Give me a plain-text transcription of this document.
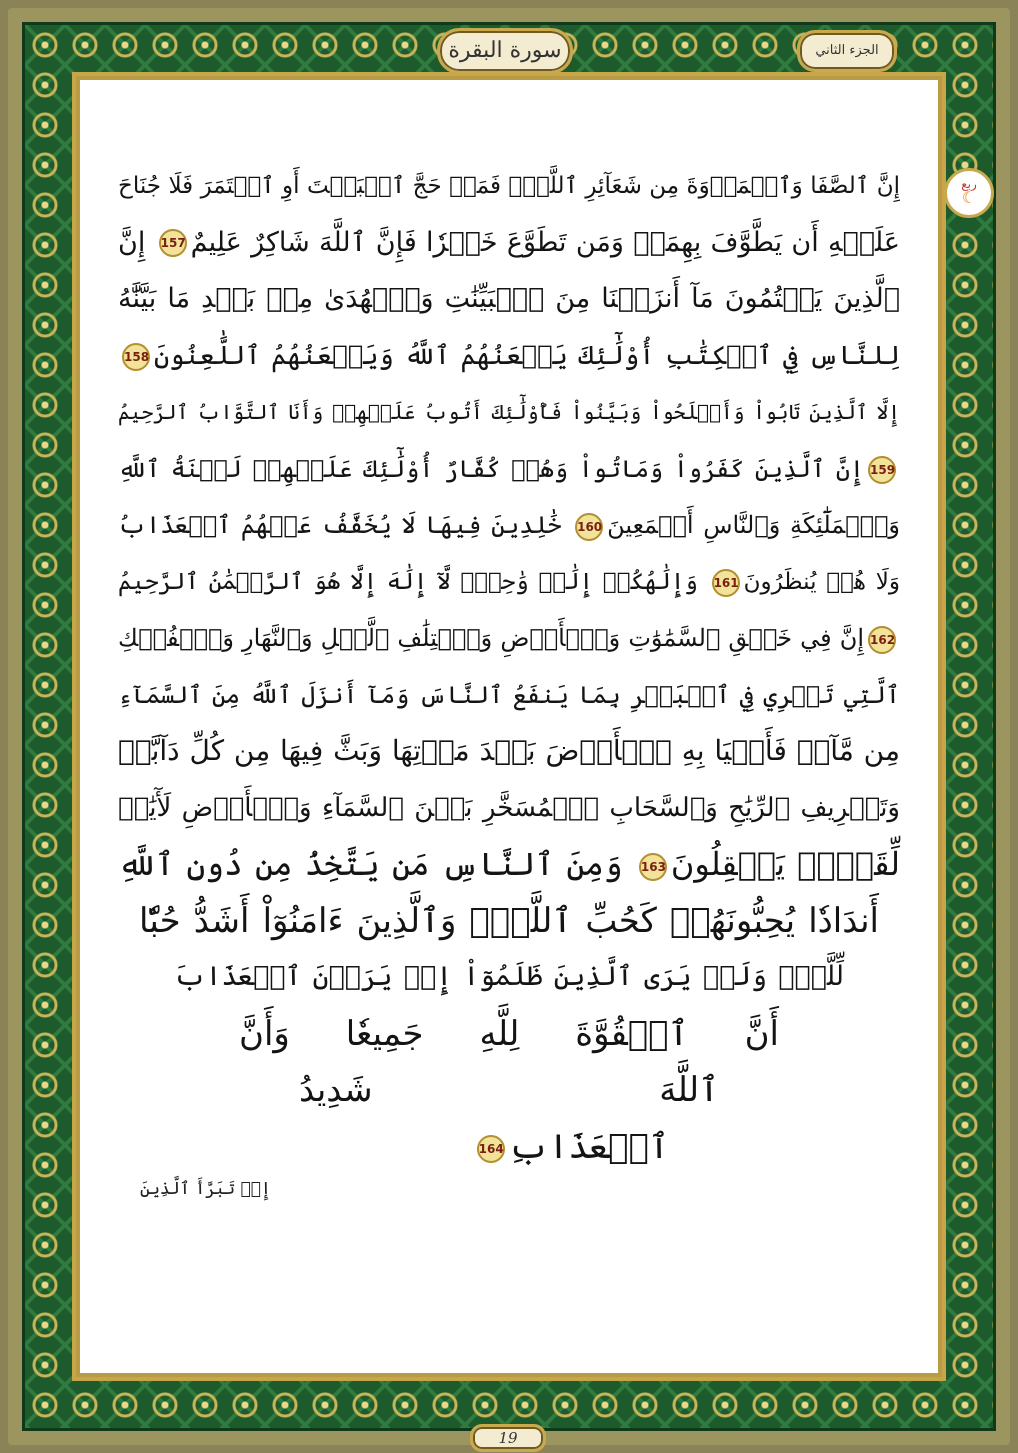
سورة البقرة	الجزء الثاني
ربع
☾
إِنَّ ٱلصَّفَا وَٱلۡمَرۡوَةَ مِن شَعَآئِرِ ٱللَّهِۖ فَمَنۡ حَجَّ ٱلۡبَيۡتَ أَوِ ٱعۡتَمَرَ فَلَا جُنَاحَ
عَلَيۡهِ أَن يَطَّوَّفَ بِهِمَاۚ وَمَن تَطَوَّعَ خَيۡرٗا فَإِنَّ ٱللَّهَ شَاكِرٌ عَلِيمٌ157 إِنَّ
ٱلَّذِينَ يَكۡتُمُونَ مَآ أَنزَلۡنَا مِنَ ٱلۡبَيِّنَٰتِ وَٱلۡهُدَىٰ مِنۢ بَعۡدِ مَا بَيَّنَّٰهُ
لِلنَّاسِ فِي ٱلۡكِتَٰبِ أُوْلَٰٓئِكَ يَلۡعَنُهُمُ ٱللَّهُ وَيَلۡعَنُهُمُ ٱللَّٰعِنُونَ158
إِلَّا ٱلَّذِينَ تَابُواْ وَأَصۡلَحُواْ وَبَيَّنُواْ فَأُوْلَٰٓئِكَ أَتُوبُ عَلَيۡهِمۡ وَأَنَا ٱلتَّوَّابُ ٱلرَّحِيمُ
159إِنَّ ٱلَّذِينَ كَفَرُواْ وَمَاتُواْ وَهُمۡ كُفَّارٌ أُوْلَٰٓئِكَ عَلَيۡهِمۡ لَعۡنَةُ ٱللَّهِ
وَٱلۡمَلَٰٓئِكَةِ وَٱلنَّاسِ أَجۡمَعِينَ160 خَٰلِدِينَ فِيهَا لَا يُخَفَّفُ عَنۡهُمُ ٱلۡعَذَابُ
وَلَا هُمۡ يُنظَرُونَ161 وَإِلَٰهُكُمۡ إِلَٰهٞ وَٰحِدٞۖ لَّآ إِلَٰهَ إِلَّا هُوَ ٱلرَّحۡمَٰنُ ٱلرَّحِيمُ
162إِنَّ فِي خَلۡقِ ٱلسَّمَٰوَٰتِ وَٱلۡأَرۡضِ وَٱخۡتِلَٰفِ ٱلَّيۡلِ وَٱلنَّهَارِ وَٱلۡفُلۡكِ
ٱلَّتِي تَجۡرِي فِي ٱلۡبَحۡرِ بِمَا يَنفَعُ ٱلنَّاسَ وَمَآ أَنزَلَ ٱللَّهُ مِنَ ٱلسَّمَآءِ
مِن مَّآءٖ فَأَحۡيَا بِهِ ٱلۡأَرۡضَ بَعۡدَ مَوۡتِهَا وَبَثَّ فِيهَا مِن كُلِّ دَآبَّةٖ
وَتَصۡرِيفِ ٱلرِّيَٰحِ وَٱلسَّحَابِ ٱلۡمُسَخَّرِ بَيۡنَ ٱلسَّمَآءِ وَٱلۡأَرۡضِ لَأٓيَٰتٖ
لِّقَوۡمٖ يَعۡقِلُونَ163 وَمِنَ ٱلنَّاسِ مَن يَتَّخِذُ مِن دُونِ ٱللَّهِ
أَندَادٗا يُحِبُّونَهُمۡ كَحُبِّ ٱللَّهِۖ وَٱلَّذِينَ ءَامَنُوٓاْ أَشَدُّ حُبّٗا
لِّلَّهِۗ وَلَوۡ يَرَى ٱلَّذِينَ ظَلَمُوٓاْ إِذۡ يَرَوۡنَ ٱلۡعَذَابَ
أَنَّ ٱلۡقُوَّةَ لِلَّهِ جَمِيعٗا وَأَنَّ
ٱللَّهَ شَدِيدُ
ٱلۡعَذَابِ164
إِذۡ تَبَرَّأَ ٱلَّذِينَ
19
